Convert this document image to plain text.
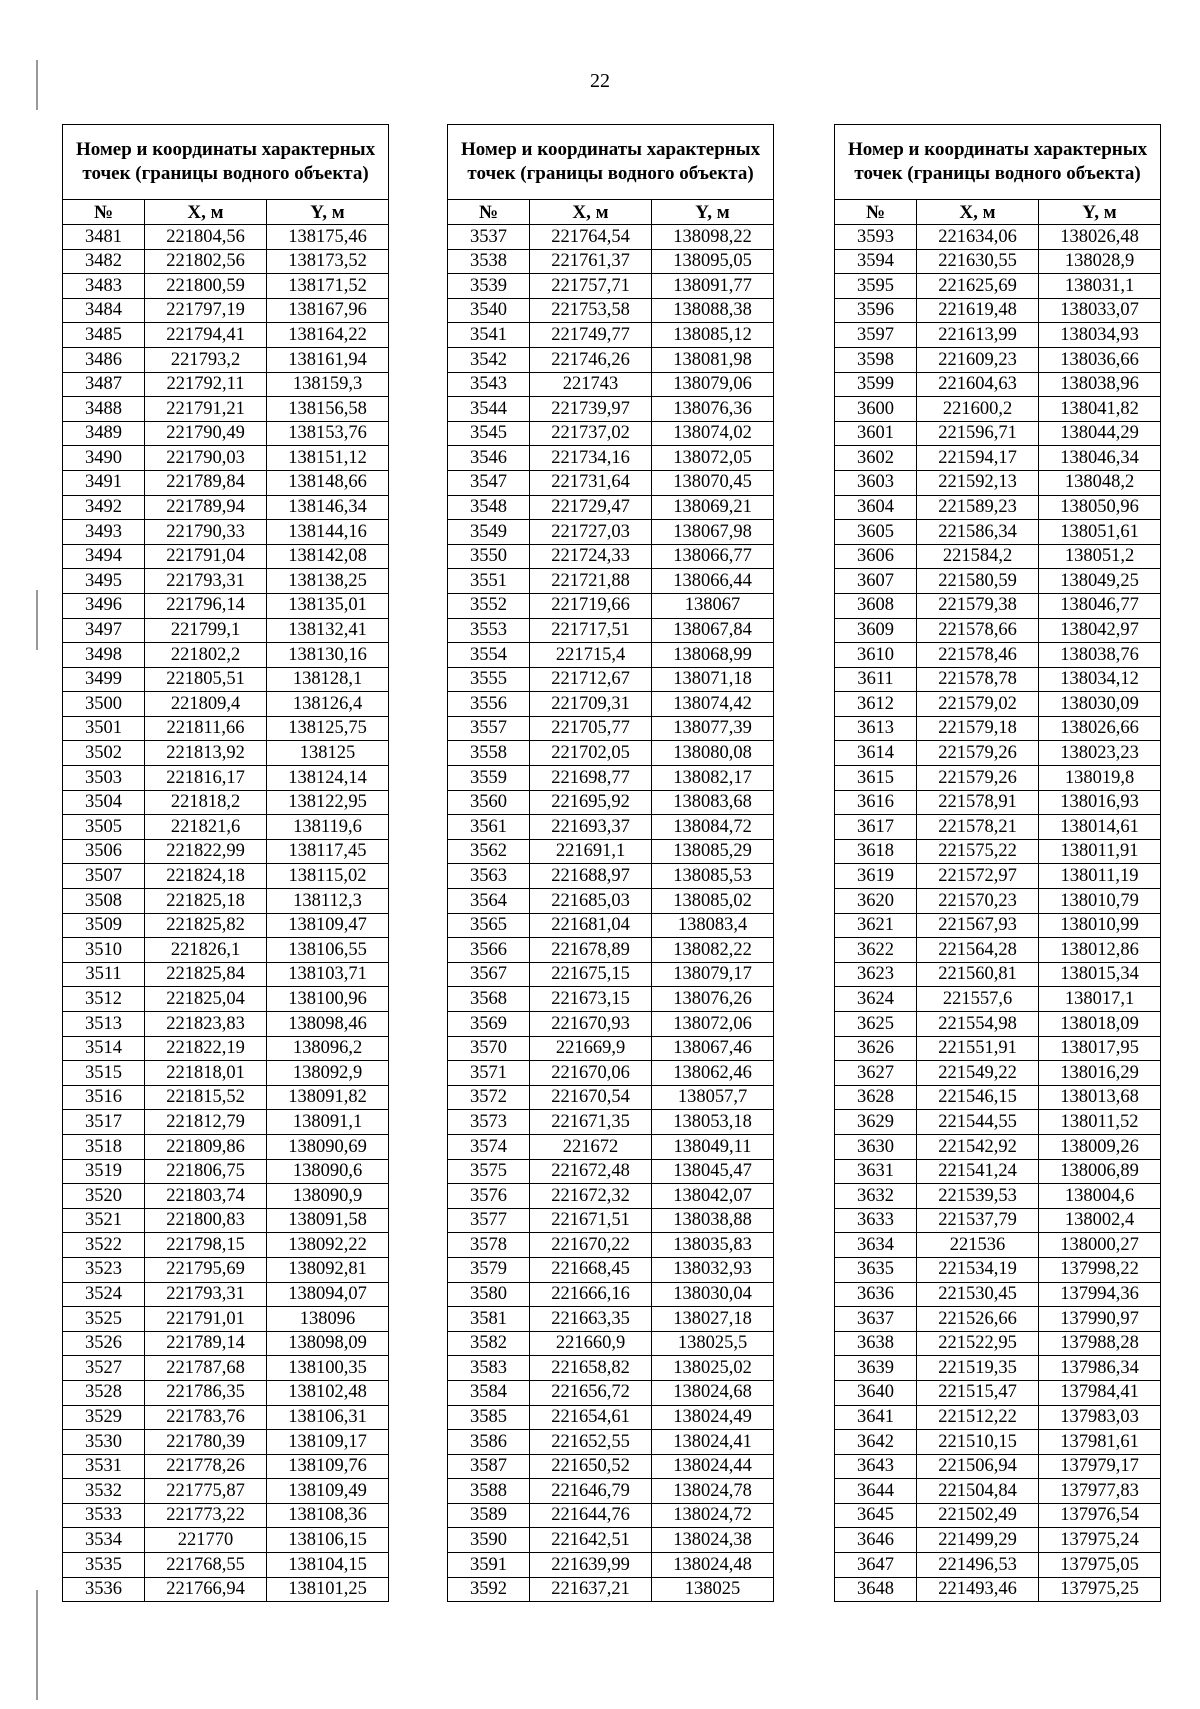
22
Номер и координаты характерных точек (границы водного объекта)		
№	X, м	Y, м
3481	221804,56	138175,46
3482	221802,56	138173,52
3483	221800,59	138171,52
3484	221797,19	138167,96
3485	221794,41	138164,22
3486	221793,2	138161,94
3487	221792,11	138159,3
3488	221791,21	138156,58
3489	221790,49	138153,76
3490	221790,03	138151,12
3491	221789,84	138148,66
3492	221789,94	138146,34
3493	221790,33	138144,16
3494	221791,04	138142,08
3495	221793,31	138138,25
3496	221796,14	138135,01
3497	221799,1	138132,41
3498	221802,2	138130,16
3499	221805,51	138128,1
3500	221809,4	138126,4
3501	221811,66	138125,75
3502	221813,92	138125
3503	221816,17	138124,14
3504	221818,2	138122,95
3505	221821,6	138119,6
3506	221822,99	138117,45
3507	221824,18	138115,02
3508	221825,18	138112,3
3509	221825,82	138109,47
3510	221826,1	138106,55
3511	221825,84	138103,71
3512	221825,04	138100,96
3513	221823,83	138098,46
3514	221822,19	138096,2
3515	221818,01	138092,9
3516	221815,52	138091,82
3517	221812,79	138091,1
3518	221809,86	138090,69
3519	221806,75	138090,6
3520	221803,74	138090,9
3521	221800,83	138091,58
3522	221798,15	138092,22
3523	221795,69	138092,81
3524	221793,31	138094,07
3525	221791,01	138096
3526	221789,14	138098,09
3527	221787,68	138100,35
3528	221786,35	138102,48
3529	221783,76	138106,31
3530	221780,39	138109,17
3531	221778,26	138109,76
3532	221775,87	138109,49
3533	221773,22	138108,36
3534	221770	138106,15
3535	221768,55	138104,15
3536	221766,94	138101,25
Номер и координаты характерных точек (границы водного объекта)		
№	X, м	Y, м
3537	221764,54	138098,22
3538	221761,37	138095,05
3539	221757,71	138091,77
3540	221753,58	138088,38
3541	221749,77	138085,12
3542	221746,26	138081,98
3543	221743	138079,06
3544	221739,97	138076,36
3545	221737,02	138074,02
3546	221734,16	138072,05
3547	221731,64	138070,45
3548	221729,47	138069,21
3549	221727,03	138067,98
3550	221724,33	138066,77
3551	221721,88	138066,44
3552	221719,66	138067
3553	221717,51	138067,84
3554	221715,4	138068,99
3555	221712,67	138071,18
3556	221709,31	138074,42
3557	221705,77	138077,39
3558	221702,05	138080,08
3559	221698,77	138082,17
3560	221695,92	138083,68
3561	221693,37	138084,72
3562	221691,1	138085,29
3563	221688,97	138085,53
3564	221685,03	138085,02
3565	221681,04	138083,4
3566	221678,89	138082,22
3567	221675,15	138079,17
3568	221673,15	138076,26
3569	221670,93	138072,06
3570	221669,9	138067,46
3571	221670,06	138062,46
3572	221670,54	138057,7
3573	221671,35	138053,18
3574	221672	138049,11
3575	221672,48	138045,47
3576	221672,32	138042,07
3577	221671,51	138038,88
3578	221670,22	138035,83
3579	221668,45	138032,93
3580	221666,16	138030,04
3581	221663,35	138027,18
3582	221660,9	138025,5
3583	221658,82	138025,02
3584	221656,72	138024,68
3585	221654,61	138024,49
3586	221652,55	138024,41
3587	221650,52	138024,44
3588	221646,79	138024,78
3589	221644,76	138024,72
3590	221642,51	138024,38
3591	221639,99	138024,48
3592	221637,21	138025
Номер и координаты характерных точек (границы водного объекта)		
№	X, м	Y, м
3593	221634,06	138026,48
3594	221630,55	138028,9
3595	221625,69	138031,1
3596	221619,48	138033,07
3597	221613,99	138034,93
3598	221609,23	138036,66
3599	221604,63	138038,96
3600	221600,2	138041,82
3601	221596,71	138044,29
3602	221594,17	138046,34
3603	221592,13	138048,2
3604	221589,23	138050,96
3605	221586,34	138051,61
3606	221584,2	138051,2
3607	221580,59	138049,25
3608	221579,38	138046,77
3609	221578,66	138042,97
3610	221578,46	138038,76
3611	221578,78	138034,12
3612	221579,02	138030,09
3613	221579,18	138026,66
3614	221579,26	138023,23
3615	221579,26	138019,8
3616	221578,91	138016,93
3617	221578,21	138014,61
3618	221575,22	138011,91
3619	221572,97	138011,19
3620	221570,23	138010,79
3621	221567,93	138010,99
3622	221564,28	138012,86
3623	221560,81	138015,34
3624	221557,6	138017,1
3625	221554,98	138018,09
3626	221551,91	138017,95
3627	221549,22	138016,29
3628	221546,15	138013,68
3629	221544,55	138011,52
3630	221542,92	138009,26
3631	221541,24	138006,89
3632	221539,53	138004,6
3633	221537,79	138002,4
3634	221536	138000,27
3635	221534,19	137998,22
3636	221530,45	137994,36
3637	221526,66	137990,97
3638	221522,95	137988,28
3639	221519,35	137986,34
3640	221515,47	137984,41
3641	221512,22	137983,03
3642	221510,15	137981,61
3643	221506,94	137979,17
3644	221504,84	137977,83
3645	221502,49	137976,54
3646	221499,29	137975,24
3647	221496,53	137975,05
3648	221493,46	137975,25
